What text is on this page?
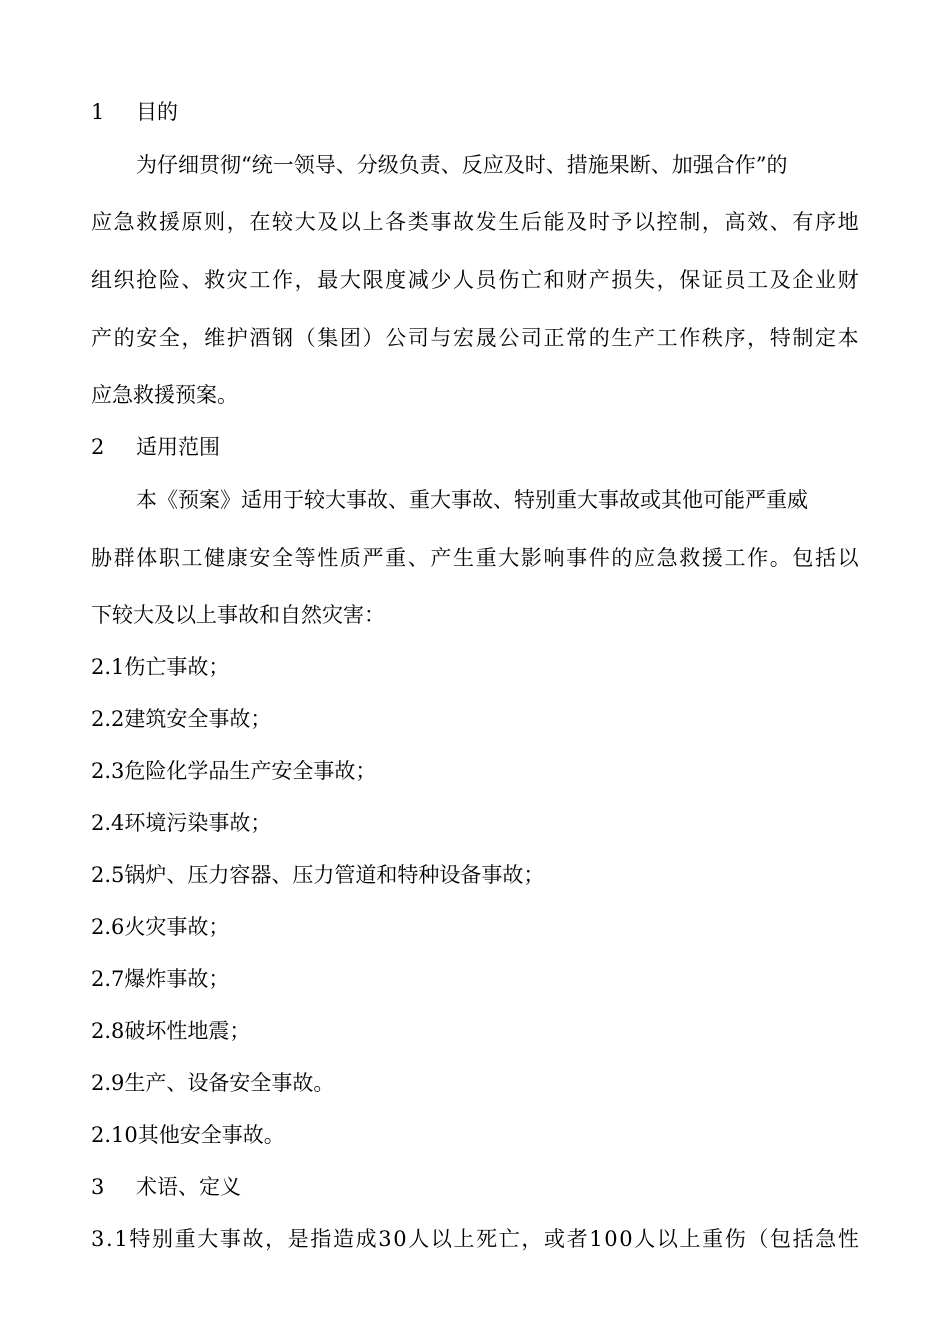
1 目的
为仔细贯彻“统一领导、分级负责、反应及时、措施果断、加强合作”的
应 急 救 援 原 则 ， 在 较 大 及 以 上 各 类 事 故 发 生 后 能 及 时 予 以 控 制 ， 高 效 、 有 序 地
组 织 抢 险 、 救 灾 工 作 ， 最 大 限 度 减 少 人 员 伤 亡 和 财 产 损 失 ， 保 证 员 工 及 企 业 财
产 的 安 全 ， 维 护 酒 钢 （ 集 团 ） 公 司 与 宏 晟 公 司 正 常 的 生 产 工 作 秩 序 ， 特 制 定 本
应急救援预案。
2 适用范围
本《预案》适用于较大事故、重大事故、特别重大事故或其他可能严重威
胁 群 体 职 工 健 康 安 全 等 性 质 严 重 、 产 生 重 大 影 响 事 件 的 应 急 救 援 工 作 。 包 括 以
下较大及以上事故和自然灾害：
2.1伤亡事故；
2.2建筑安全事故；
2.3危险化学品生产安全事故；
2.4环境污染事故；
2.5锅炉、压力容器、压力管道和特种设备事故；
2.6火灾事故；
2.7爆炸事故；
2.8破坏性地震；
2.9生产、设备安全事故。
2.10其他安全事故。
3 术语、定义
3 . 1 特 别 重 大 事 故 ， 是 指 造 成 3 0 人 以 上 死 亡 ， 或 者 1 0 0 人 以 上 重 伤 （ 包 括 急 性
